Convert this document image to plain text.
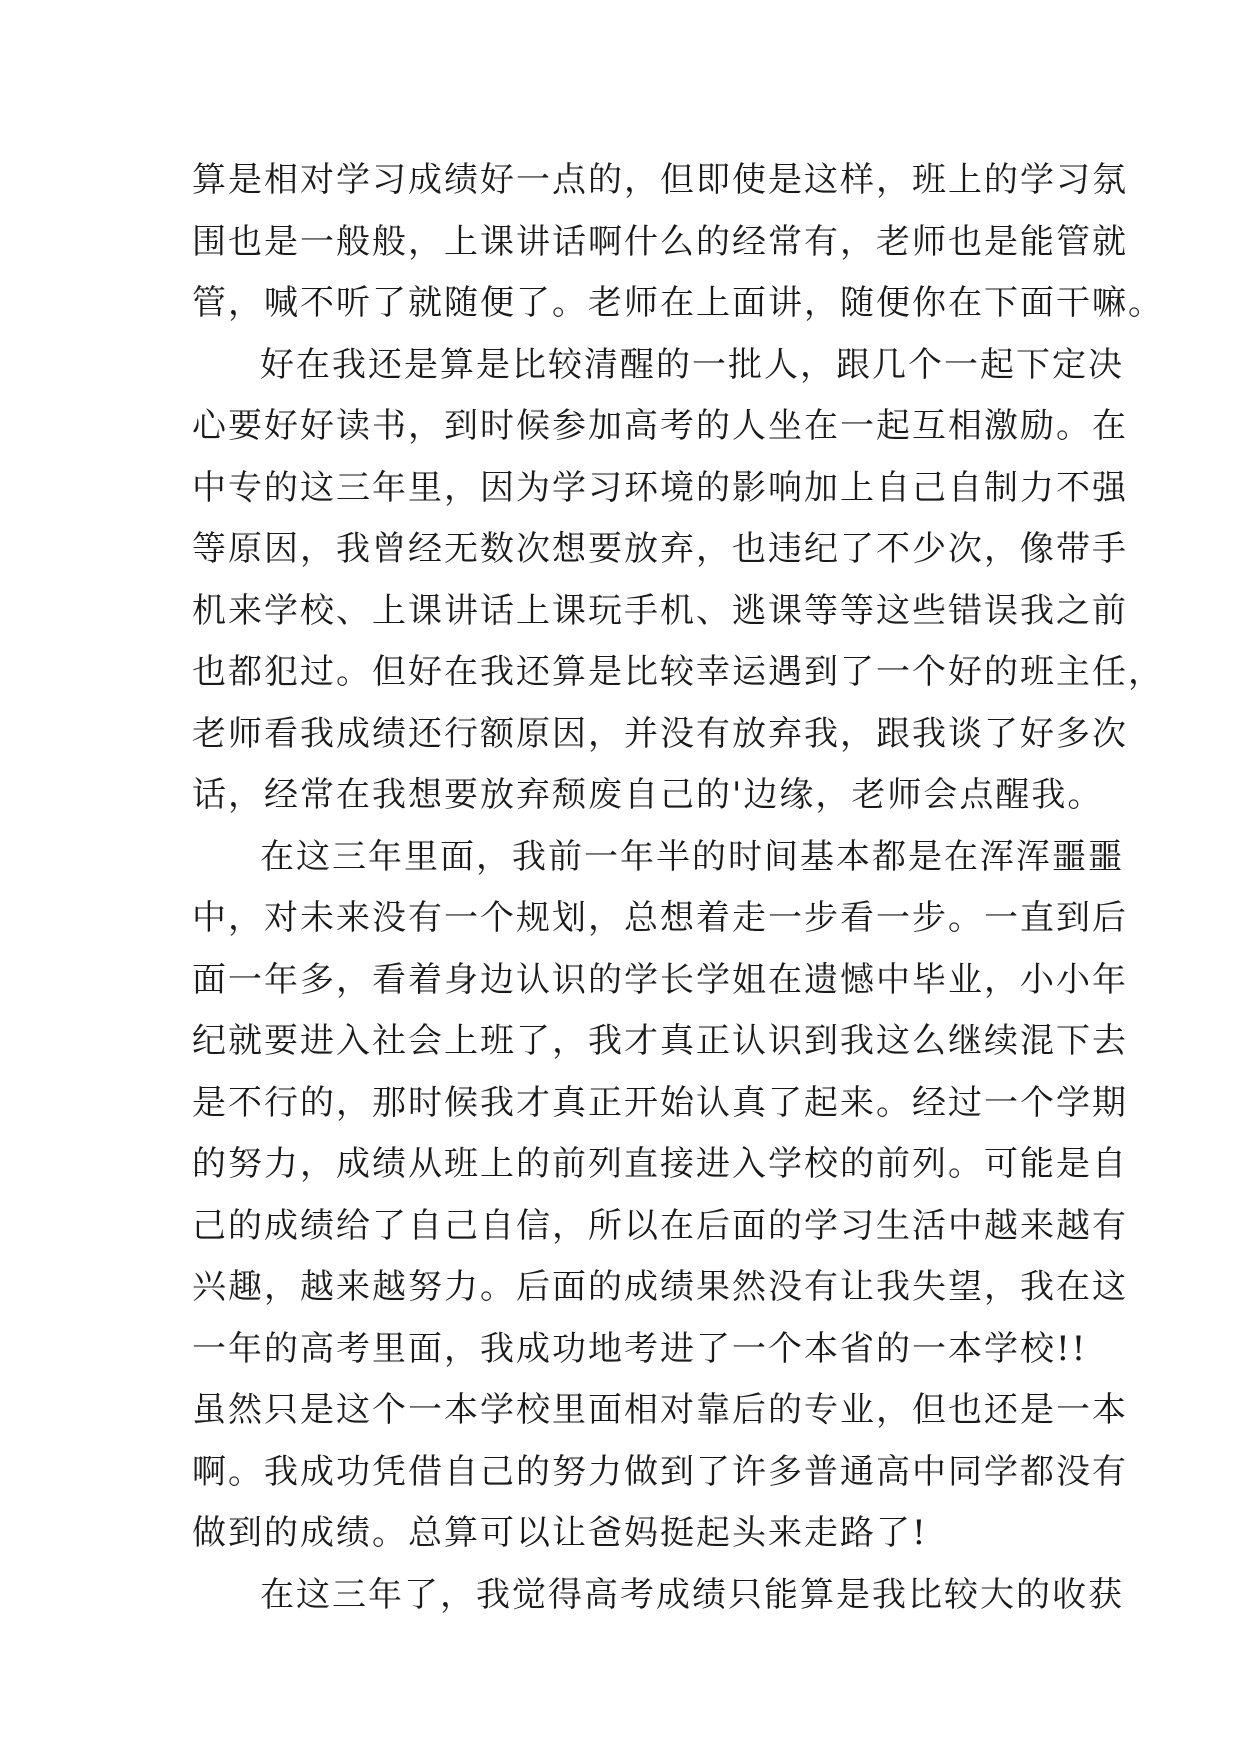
算是相对学习成绩好一点的，但即使是这样，班上的学习氛
围也是一般般，上课讲话啊什么的经常有，老师也是能管就
管，喊不听了就随便了。老师在上面讲，随便你在下面干嘛。
好在我还是算是比较清醒的一批人，跟几个一起下定决
心要好好读书，到时候参加高考的人坐在一起互相激励。在
中专的这三年里，因为学习环境的影响加上自己自制力不强
等原因，我曾经无数次想要放弃，也违纪了不少次，像带手
机来学校、上课讲话上课玩手机、逃课等等这些错误我之前
也都犯过。但好在我还算是比较幸运遇到了一个好的班主任，
老师看我成绩还行额原因，并没有放弃我，跟我谈了好多次
话，经常在我想要放弃颓废自己的'边缘，老师会点醒我。
在这三年里面，我前一年半的时间基本都是在浑浑噩噩
中，对未来没有一个规划，总想着走一步看一步。一直到后
面一年多，看着身边认识的学长学姐在遗憾中毕业，小小年
纪就要进入社会上班了，我才真正认识到我这么继续混下去
是不行的，那时候我才真正开始认真了起来。经过一个学期
的努力，成绩从班上的前列直接进入学校的前列。可能是自
己的成绩给了自己自信，所以在后面的学习生活中越来越有
兴趣，越来越努力。后面的成绩果然没有让我失望，我在这
一年的高考里面，我成功地考进了一个本省的一本学校!!
虽然只是这个一本学校里面相对靠后的专业，但也还是一本
啊。我成功凭借自己的努力做到了许多普通高中同学都没有
做到的成绩。总算可以让爸妈挺起头来走路了!
在这三年了，我觉得高考成绩只能算是我比较大的收获
